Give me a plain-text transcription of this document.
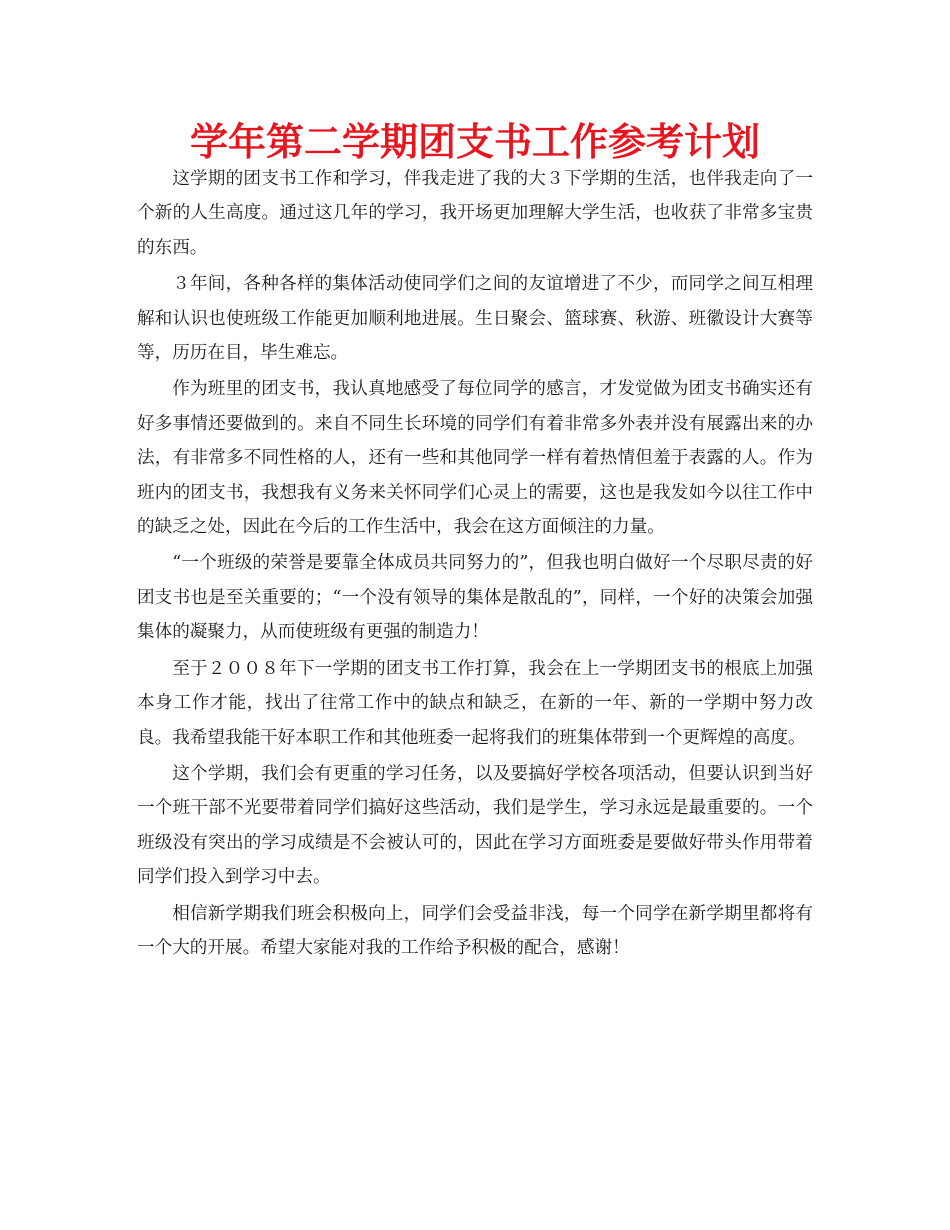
学年第二学期团支书工作参考计划

这学期的团支书工作和学习，伴我走进了我的大３下学期的生活，也伴我走向了一个新的人生高度。通过这几年的学习，我开场更加理解大学生活，也收获了非常多宝贵的东西。

３年间，各种各样的集体活动使同学们之间的友谊增进了不少，而同学之间互相理解和认识也使班级工作能更加顺利地进展。生日聚会、篮球赛、秋游、班徽设计大赛等等，历历在目，毕生难忘。

作为班里的团支书，我认真地感受了每位同学的感言，才发觉做为团支书确实还有好多事情还要做到的。来自不同生长环境的同学们有着非常多外表并没有展露出来的办法，有非常多不同性格的人，还有一些和其他同学一样有着热情但羞于表露的人。作为班内的团支书，我想我有义务来关怀同学们心灵上的需要，这也是我发如今以往工作中的缺乏之处，因此在今后的工作生活中，我会在这方面倾注的力量。

“一个班级的荣誉是要靠全体成员共同努力的”，但我也明白做好一个尽职尽责的好团支书也是至关重要的；“一个没有领导的集体是散乱的”，同样，一个好的决策会加强集体的凝聚力，从而使班级有更强的制造力！

至于２００８年下一学期的团支书工作打算，我会在上一学期团支书的根底上加强本身工作才能，找出了往常工作中的缺点和缺乏，在新的一年、新的一学期中努力改良。我希望我能干好本职工作和其他班委一起将我们的班集体带到一个更辉煌的高度。

这个学期，我们会有更重的学习任务，以及要搞好学校各项活动，但要认识到当好一个班干部不光要带着同学们搞好这些活动，我们是学生，学习永远是最重要的。一个班级没有突出的学习成绩是不会被认可的，因此在学习方面班委是要做好带头作用带着同学们投入到学习中去。

相信新学期我们班会积极向上，同学们会受益非浅，每一个同学在新学期里都将有一个大的开展。希望大家能对我的工作给予积极的配合，感谢！
